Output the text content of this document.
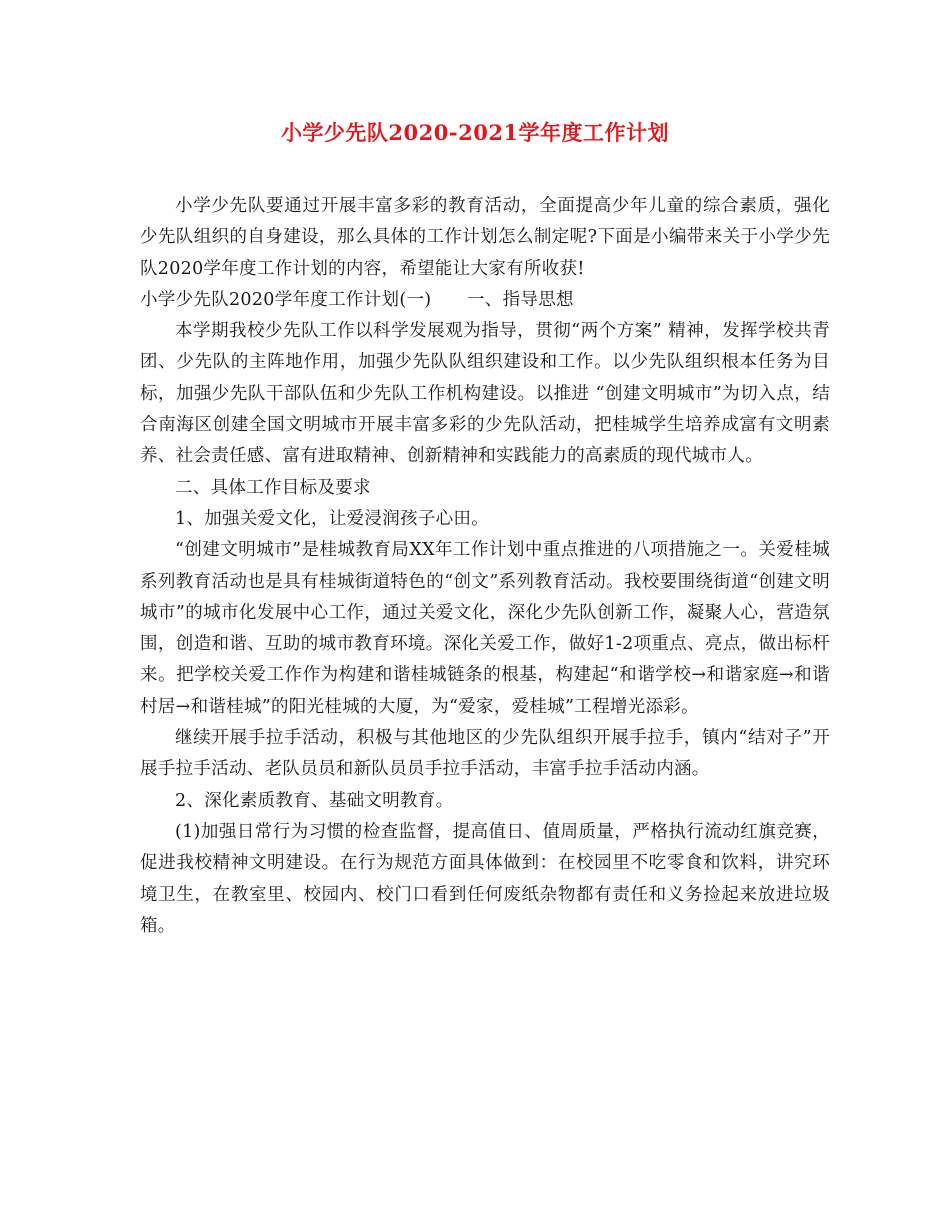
小学少先队2020-2021学年度工作计划

小学少先队要通过开展丰富多彩的教育活动，全面提高少年儿童的综合素质，强化少先队组织的自身建设，那么具体的工作计划怎么制定呢?下面是小编带来关于小学少先队2020学年度工作计划的内容，希望能让大家有所收获!

小学少先队2020学年度工作计划(一)　　一、指导思想

本学期我校少先队工作以科学发展观为指导，贯彻“两个方案” 精神，发挥学校共青团、少先队的主阵地作用，加强少先队队组织建设和工作。以少先队组织根本任务为目标，加强少先队干部队伍和少先队工作机构建设。以推进 “创建文明城市”为切入点，结合南海区创建全国文明城市开展丰富多彩的少先队活动，把桂城学生培养成富有文明素养、社会责任感、富有进取精神、创新精神和实践能力的高素质的现代城市人。

二、具体工作目标及要求

1、加强关爱文化，让爱浸润孩子心田。

“创建文明城市”是桂城教育局XX年工作计划中重点推进的八项措施之一。关爱桂城系列教育活动也是具有桂城街道特色的“创文”系列教育活动。我校要围绕街道“创建文明城市”的城市化发展中心工作，通过关爱文化，深化少先队创新工作，凝聚人心，营造氛围，创造和谐、互助的城市教育环境。深化关爱工作，做好1-2项重点、亮点，做出标杆来。把学校关爱工作作为构建和谐桂城链条的根基，构建起“和谐学校→和谐家庭→和谐村居→和谐桂城”的阳光桂城的大厦，为“爱家，爱桂城”工程增光添彩。

继续开展手拉手活动，积极与其他地区的少先队组织开展手拉手，镇内“结对子”开展手拉手活动、老队员员和新队员员手拉手活动，丰富手拉手活动内涵。

2、深化素质教育、基础文明教育。

(1)加强日常行为习惯的检查监督，提高值日、值周质量，严格执行流动红旗竞赛，促进我校精神文明建设。在行为规范方面具体做到：在校园里不吃零食和饮料，讲究环境卫生，在教室里、校园内、校门口看到任何废纸杂物都有责任和义务捡起来放进垃圾箱。
